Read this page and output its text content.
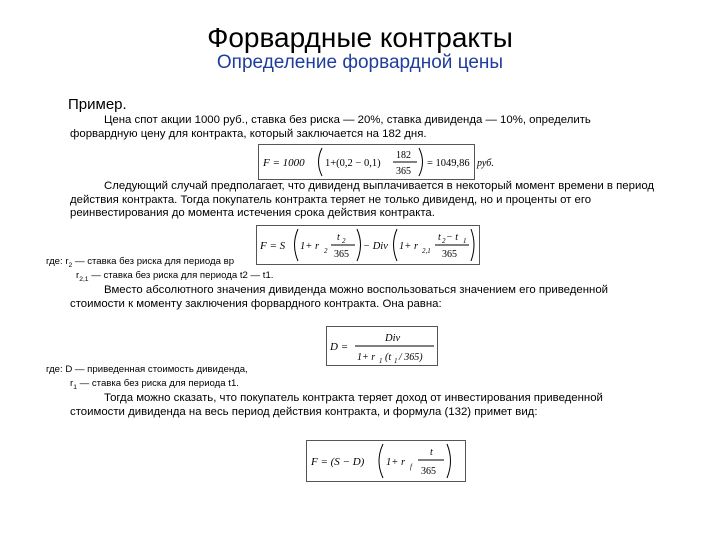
Форвардные контракты
Определение форвардной цены
Пример.
Цена спот акции 1000 руб., ставка без риска — 20%, ставка дивиденда — 10%, определить форвардную цену для контракта, который заключается на 182 дня.
F = 1000 1+(0,2 − 0,1)
182
365
= 1049,86 руб.
Следующий случай предполагает, что дивиденд выплачивается в некоторый момент времени в период действия контракта. Тогда покупатель контракта теряет не только дивиденд, но и проценты от его реинвестирования до момента истечения срока действия контракта.
F = S 1+ r 2
t 2
365
− Div 1+ r 2,1
t 2 − t 1
365
где: $r_2$ — ставка без риска для периода вр
$r_{2,1}$ — ставка без риска для периода t2 — t1.
Вместо абсолютного значения дивиденда можно воспользоваться значением его приведенной стоимости к моменту заключения форвардного контракта. Она равна:
D =
Div
1+ r 1 (t 1 / 365)
где: D — приведенная стоимость дивиденда,
$r_1$ — ставка без риска для периода t1.
Тогда можно сказать, что покупатель контракта теряет доход от инвестирования приведенной стоимости дивиденда на весь период действия контракта, и формула (132) примет вид:
F = (S − D) 1+ r f
t
365
